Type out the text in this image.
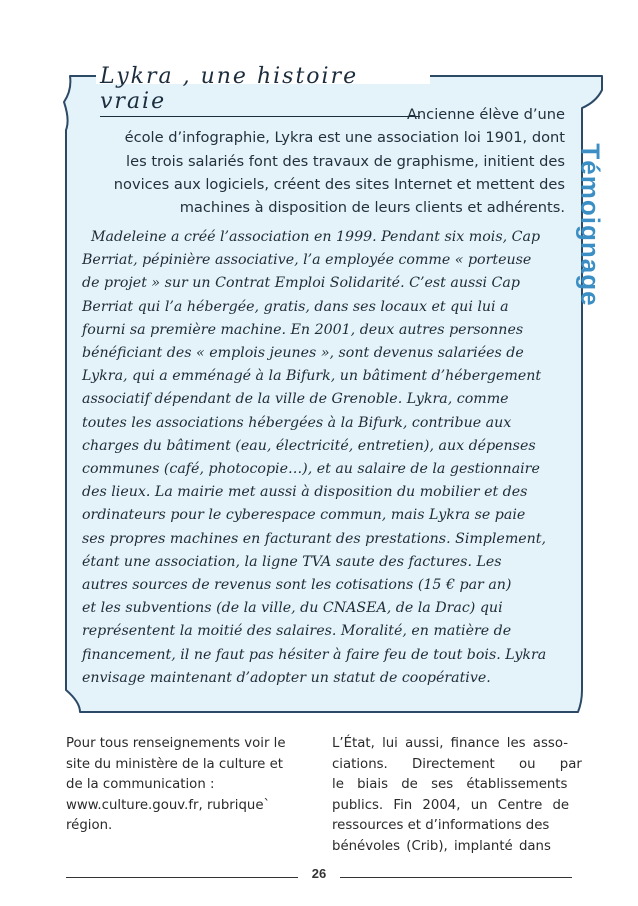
Lykra , une histoire vraie
Témoignage
Ancienne élève d’une
école d’infographie, Lykra est une association loi 1901, dont
les trois salariés font des travaux de graphisme, initient des
novices aux logiciels, créent des sites Internet et mettent des
machines à disposition de leurs clients et adhérents.
Madeleine a créé l’association en 1999. Pendant six mois, Cap
Berriat, pépinière associative, l’a employée comme « porteuse
de projet » sur un Contrat Emploi Solidarité. C’est aussi Cap
Berriat qui l’a hébergée, gratis, dans ses locaux et qui lui a
fourni sa première machine. En 2001, deux autres personnes
bénéficiant des « emplois jeunes », sont devenus salariées de
Lykra, qui a emménagé à la Bifurk, un bâtiment d’hébergement
associatif dépendant de la ville de Grenoble. Lykra, comme
toutes les associations hébergées à la Bifurk, contribue aux
charges du bâtiment (eau, électricité, entretien), aux dépenses
communes (café, photocopie…), et au salaire de la gestionnaire
des lieux. La mairie met aussi à disposition du mobilier et des
ordinateurs pour le cyberespace commun, mais Lykra se paie
ses propres machines en facturant des prestations. Simplement,
étant une association, la ligne TVA saute des factures. Les
autres sources de revenus sont les cotisations (15 € par an)
et les subventions (de la ville, du CNASEA, de la Drac) qui
représentent la moitié des salaires. Moralité, en matière de
financement, il ne faut pas hésiter à faire feu de tout bois. Lykra
envisage maintenant d’adopter un statut de coopérative.
Pour tous renseignements voir le
site du ministère de la culture et
de la communication :
www.culture.gouv.fr, rubrique`
région.
L’État, lui aussi, finance les asso-
ciations. Directement ou par
le biais de ses établissements
publics. Fin 2004, un Centre de
ressources et d’informations des
bénévoles (Crib), implanté dans
26
